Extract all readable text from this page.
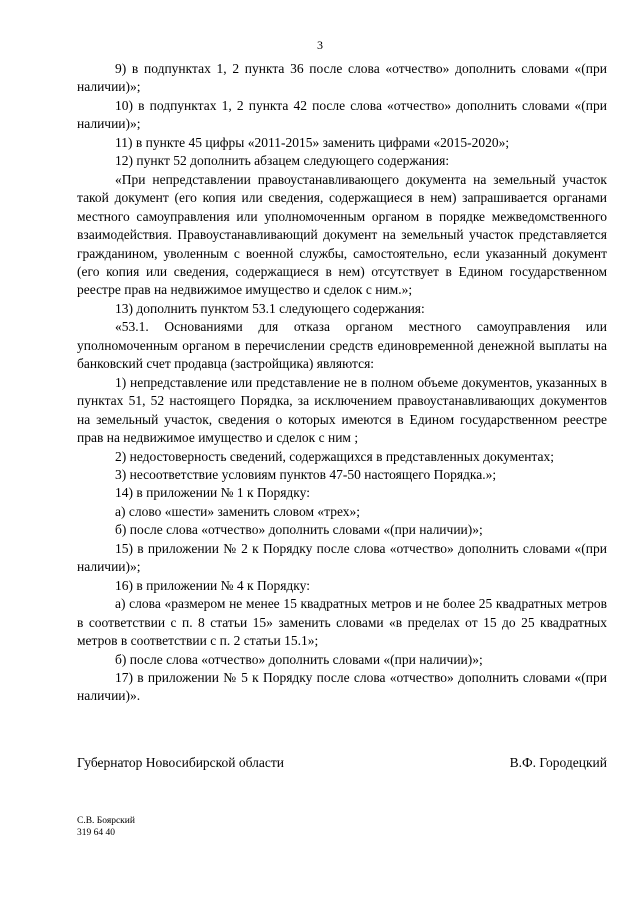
3

9) в подпунктах 1, 2 пункта 36 после слова «отчество» дополнить словами «(при наличии)»;

10) в подпунктах 1, 2 пункта 42 после слова «отчество» дополнить словами «(при наличии)»;

11) в пункте 45 цифры «2011-2015» заменить цифрами «2015-2020»;

12) пункт 52 дополнить абзацем следующего содержания:

«При непредставлении правоустанавливающего документа на земельный участок такой документ (его копия или сведения, содержащиеся в нем) запрашивается органами местного самоуправления или уполномоченным органом в порядке межведомственного взаимодействия. Правоустанавливающий документ на земельный участок представляется гражданином, уволенным с военной службы, самостоятельно, если указанный документ (его копия или сведения, содержащиеся в нем) отсутствует в Едином государственном реестре прав на недвижимое имущество и сделок с ним.»;

13) дополнить пунктом 53.1 следующего содержания:

«53.1. Основаниями для отказа органом местного самоуправления или уполномоченным органом в перечислении средств единовременной денежной выплаты на банковский счет продавца (застройщика) являются:

1) непредставление или представление не в полном объеме документов, указанных в пунктах 51, 52 настоящего Порядка, за исключением правоустанавливающих документов на земельный участок, сведения о которых имеются в Едином государственном реестре прав на недвижимое имущество и сделок с ним ;

2) недостоверность сведений, содержащихся в представленных документах;

3) несоответствие условиям пунктов 47-50 настоящего Порядка.»;

14) в приложении № 1 к Порядку:

а) слово «шести» заменить словом «трех»;

б) после слова «отчество» дополнить словами «(при наличии)»;

15) в приложении № 2 к Порядку после слова «отчество» дополнить словами «(при наличии)»;

16) в приложении № 4 к Порядку:

а) слова «размером не менее 15 квадратных метров и не более 25 квадратных метров в соответствии с п. 8 статьи 15» заменить словами «в пределах от 15 до 25 квадратных метров в соответствии с п. 2 статьи 15.1»;

б) после слова «отчество» дополнить словами «(при наличии)»;

17) в приложении № 5 к Порядку после слова «отчество» дополнить словами «(при наличии)».

Губернатор Новосибирской области	В.Ф. Городецкий
С.В. Боярский
319 64 40
